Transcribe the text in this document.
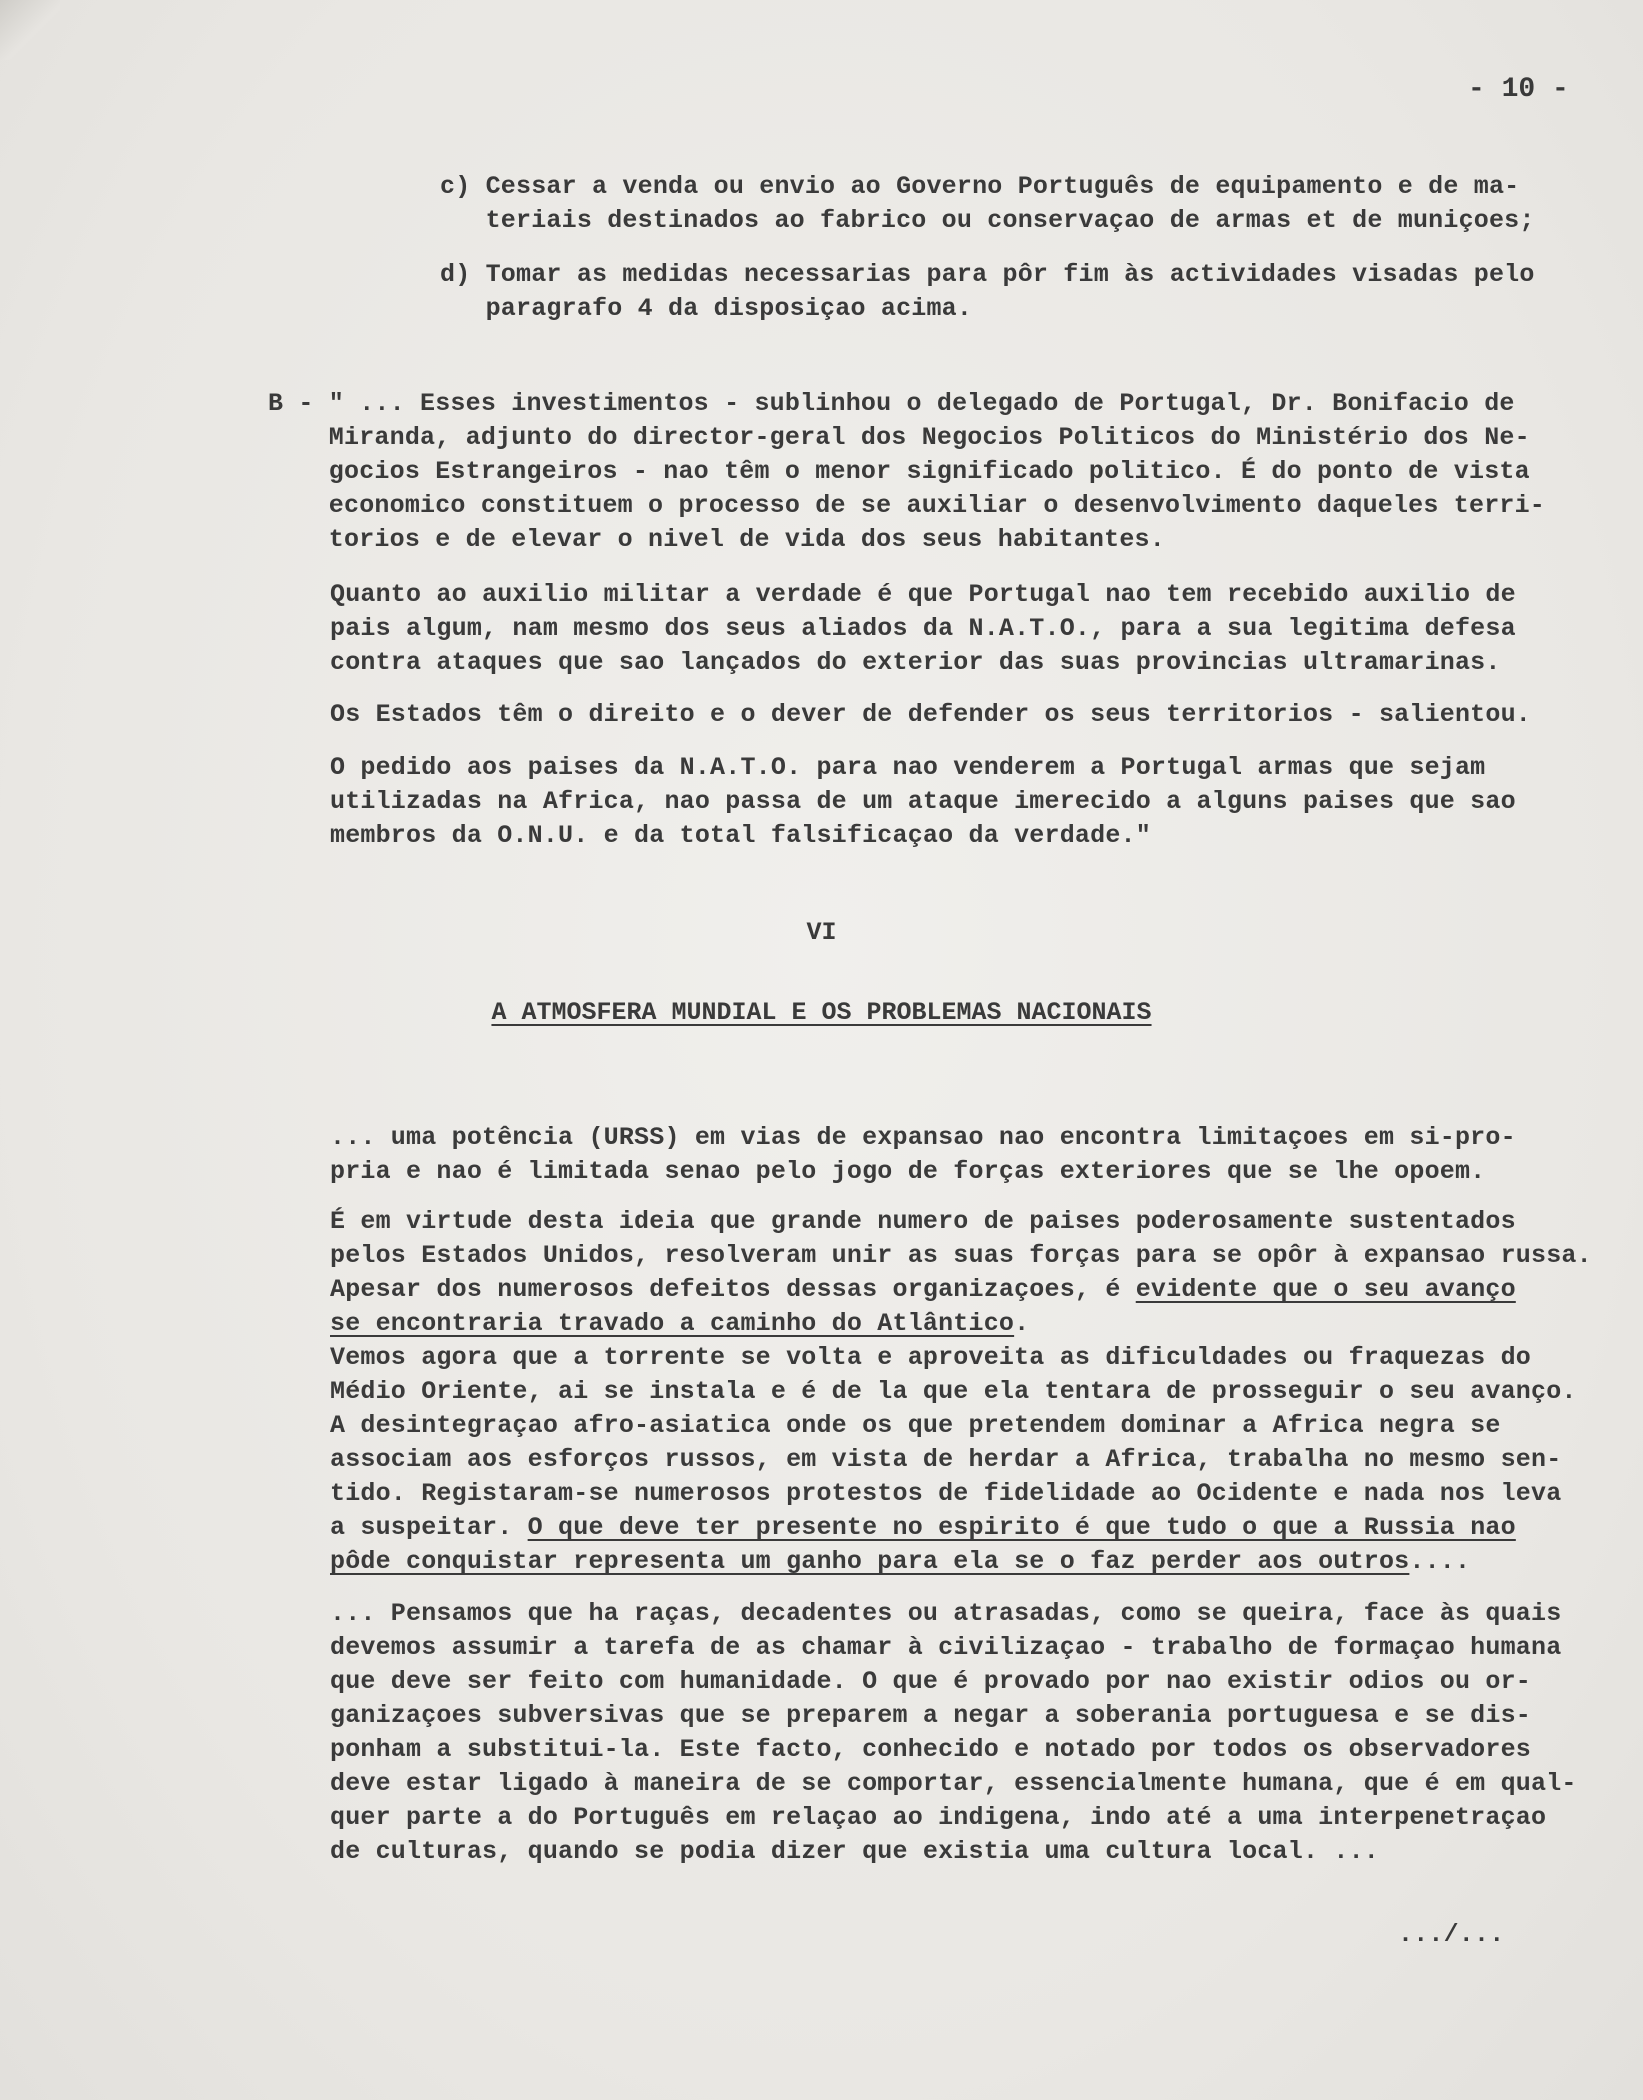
- 10 -
c) Cessar a venda ou envio ao Governo Português de equipamento e de ma-
teriais destinados ao fabrico ou conservaçao de armas et de muniçoes;
d) Tomar as medidas necessarias para pôr fim às actividades visadas pelo
paragrafo 4 da disposiçao acima.
B - " ... Esses investimentos - sublinhou o delegado de Portugal, Dr. Bonifacio de
Miranda, adjunto do director-geral dos Negocios Politicos do Ministério dos Ne-
gocios Estrangeiros - nao têm o menor significado politico. É do ponto de vista
economico constituem o processo de se auxiliar o desenvolvimento daqueles terri-
torios e de elevar o nivel de vida dos seus habitantes.
Quanto ao auxilio militar a verdade é que Portugal nao tem recebido auxilio de
pais algum, nam mesmo dos seus aliados da N.A.T.O., para a sua legitima defesa
contra ataques que sao lançados do exterior das suas provincias ultramarinas.
Os Estados têm o direito e o dever de defender os seus territorios - salientou.
O pedido aos paises da N.A.T.O. para nao venderem a Portugal armas que sejam
utilizadas na Africa, nao passa de um ataque imerecido a alguns paises que sao
membros da O.N.U. e da total falsificaçao da verdade."
VI
A ATMOSFERA MUNDIAL E OS PROBLEMAS NACIONAIS
... uma potência (URSS) em vias de expansao nao encontra limitaçoes em si-pro-
pria e nao é limitada senao pelo jogo de forças exteriores que se lhe opoem.
É em virtude desta ideia que grande numero de paises poderosamente sustentados
pelos Estados Unidos, resolveram unir as suas forças para se opôr à expansao russa.
Apesar dos numerosos defeitos dessas organizaçoes, é evidente que o seu avanço
se encontraria travado a caminho do Atlântico.
Vemos agora que a torrente se volta e aproveita as dificuldades ou fraquezas do
Médio Oriente, ai se instala e é de la que ela tentara de prosseguir o seu avanço.
A desintegraçao afro-asiatica onde os que pretendem dominar a Africa negra se
associam aos esforços russos, em vista de herdar a Africa, trabalha no mesmo sen-
tido. Registaram-se numerosos protestos de fidelidade ao Ocidente e nada nos leva
a suspeitar. O que deve ter presente no espirito é que tudo o que a Russia nao
pôde conquistar representa um ganho para ela se o faz perder aos outros....
... Pensamos que ha raças, decadentes ou atrasadas, como se queira, face às quais
devemos assumir a tarefa de as chamar à civilizaçao - trabalho de formaçao humana
que deve ser feito com humanidade. O que é provado por nao existir odios ou or-
ganizaçoes subversivas que se preparem a negar a soberania portuguesa e se dis-
ponham a substitui-la. Este facto, conhecido e notado por todos os observadores
deve estar ligado à maneira de se comportar, essencialmente humana, que é em qual-
quer parte a do Português em relaçao ao indigena, indo até a uma interpenetraçao
de culturas, quando se podia dizer que existia uma cultura local. ...
.../...
